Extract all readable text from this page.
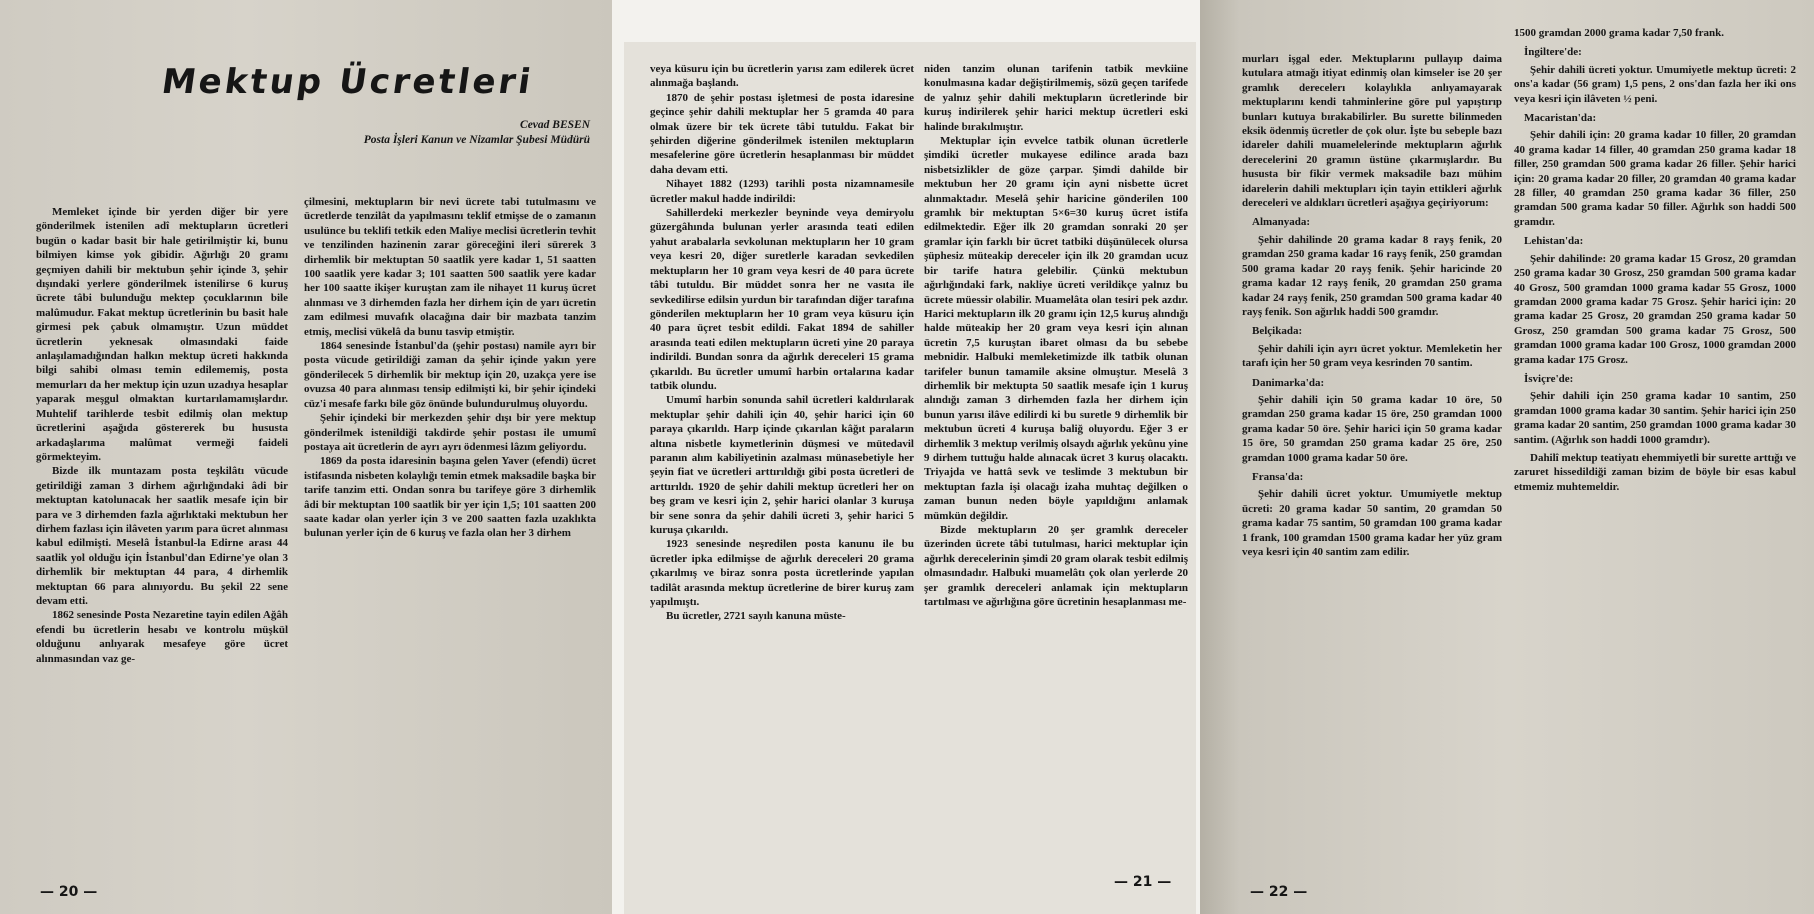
Mektup Ücretleri
Cevad BESEN
Posta İşleri Kanun ve Nizamlar Şubesi Müdürü

Memleket içinde bir yerden diğer bir yere gönderilmek istenilen adî mektupların ücretleri bugün o kadar basit bir hale getirilmiştir ki, bunu bilmiyen kimse yok gibidir. Ağırlığı 20 gramı geçmiyen dahili bir mektubun şehir içinde 3, şehir dışındaki yerlere gönderilmek istenilirse 6 kuruş ücrete tâbi bulunduğu mektep çocuklarının bile malûmudur. Fakat mektup ücretlerinin bu basit hale girmesi pek çabuk olmamıştır. Uzun müddet ücretlerin yeknesak olmasındaki faide anlaşılamadığından halkın mektup ücreti hakkında bilgi sahibi olması temin edilememiş, posta memurları da her mektup için uzun uzadıya hesaplar yaparak meşgul olmaktan kurtarılamamışlardır. Muhtelif tarihlerde tesbit edilmiş olan mektup ücretlerini aşağıda göstererek bu hususta arkadaşlarıma malûmat vermeği faideli görmekteyim.

Bizde ilk muntazam posta teşkilâtı vücude getirildiği zaman 3 dirhem ağırlığındaki âdi bir mektuptan katolunacak her saatlik mesafe için bir para ve 3 dirhemden fazla ağırlıktaki mektubun her dirhem fazlası için ilâveten yarım para ücret alınması kabul edilmişti. Meselâ İstanbul-la Edirne arası 44 saatlik yol olduğu için İstanbul'dan Edirne'ye olan 3 dirhemlik bir mektuptan 44 para, 4 dirhemlik mektuptan 66 para alınıyordu. Bu şekil 22 sene devam etti.

1862 senesinde Posta Nezaretine tayin edilen Ağâh efendi bu ücretlerin hesabı ve kontrolu müşkül olduğunu anlıyarak mesafeye göre ücret alınmasından vaz ge-

çilmesini, mektupların bir nevi ücrete tabi tutulmasını ve ücretlerde tenzilât da yapılmasını teklif etmişse de o zamanın usulünce bu teklifi tetkik eden Maliye meclisi ücretlerin tevhit ve tenzilinden hazinenin zarar göreceğini ileri sürerek 3 dirhemlik bir mektuptan 50 saatlik yere kadar 1, 51 saatten 100 saatlik yere kadar 3; 101 saatten 500 saatlik yere kadar her 100 saatte ikişer kuruştan zam ile nihayet 11 kuruş ücret alınması ve 3 dirhemden fazla her dirhem için de yarı ücretin zam edilmesi muvafık olacağına dair bir mazbata tanzim etmiş, meclisi vükelâ da bunu tasvip etmiştir.

1864 senesinde İstanbul'da (şehir postası) namile ayrı bir posta vücude getirildiği zaman da şehir içinde yakın yere gönderilecek 5 dirhemlik bir mektup için 20, uzakça yere ise ovuzsa 40 para alınması tensip edilmişti ki, bir şehir içindeki cüz'i mesafe farkı bile göz önünde bulundurulmuş oluyordu.

Şehir içindeki bir merkezden şehir dışı bir yere mektup gönderilmek istenildiği takdirde şehir postası ile umumî postaya ait ücretlerin de ayrı ayrı ödenmesi lâzım geliyordu.

1869 da posta idaresinin başına gelen Yaver (efendi) ücret istifasında nisbeten kolaylığı temin etmek maksadile başka bir tarife tanzim etti. Ondan sonra bu tarifeye göre 3 dirhemlik âdi bir mektuptan 100 saatlik bir yer için 1,5; 101 saatten 200 saate kadar olan yerler için 3 ve 200 saatten fazla uzaklıkta bulunan yerler için de 6 kuruş ve fazla olan her 3 dirhem

— 20 —

veya küsuru için bu ücretlerin yarısı zam edilerek ücret alınmağa başlandı.

1870 de şehir postası işletmesi de posta idaresine geçince şehir dahili mektuplar her 5 gramda 40 para olmak üzere bir tek ücrete tâbi tutuldu. Fakat bir şehirden diğerine gönderilmek istenilen mektupların mesafelerine göre ücretlerin hesaplanması bir müddet daha devam etti.

Nihayet 1882 (1293) tarihli posta nizamnamesile ücretler makul hadde indirildi:

Sahillerdeki merkezler beyninde veya demiryolu güzergâhında bulunan yerler arasında teati edilen yahut arabalarla sevkolunan mektupların her 10 gram veya kesri 20, diğer suretlerle karadan sevkedilen mektupların her 10 gram veya kesri de 40 para ücrete tâbi tutuldu. Bir müddet sonra her ne vasıta ile sevkedilirse edilsin yurdun bir tarafından diğer tarafına gönderilen mektupların her 10 gram veya küsuru için 40 para üçret tesbit edildi. Fakat 1894 de sahiller arasında teati edilen mektupların ücreti yine 20 paraya indirildi. Bundan sonra da ağırlık dereceleri 15 grama çıkarıldı. Bu ücretler umumî harbin ortalarına kadar tatbik olundu.

Umumî harbin sonunda sahil ücretleri kaldırılarak mektuplar şehir dahili için 40, şehir harici için 60 paraya çıkarıldı. Harp içinde çıkarılan kâğıt paraların altına nisbetle kıymetlerinin düşmesi ve mütedavil paranın alım kabiliyetinin azalması münasebetiyle her şeyin fiat ve ücretleri arttırıldığı gibi posta ücretleri de arttırıldı. 1920 de şehir dahili mektup ücretleri her on beş gram ve kesri için 2, şehir harici olanlar 3 kuruşa bir sene sonra da şehir dahili ücreti 3, şehir harici 5 kuruşa çıkarıldı.

1923 senesinde neşredilen posta kanunu ile bu ücretler ipka edilmişse de ağırlık dereceleri 20 grama çıkarılmış ve biraz sonra posta ücretlerinde yapılan tadilât arasında mektup ücretlerine de birer kuruş zam yapılmıştı.

Bu ücretler, 2721 sayılı kanuna müste-

niden tanzim olunan tarifenin tatbik mevkiine konulmasına kadar değiştirilmemiş, sözü geçen tarifede de yalnız şehir dahili mektupların ücretlerinde bir kuruş indirilerek şehir harici mektup ücretleri eski halinde bırakılmıştır.

Mektuplar için evvelce tatbik olunan ücretlerle şimdiki ücretler mukayese edilince arada bazı nisbetsizlikler de göze çarpar. Şimdi dahilde bir mektubun her 20 gramı için ayni nisbette ücret alınmaktadır. Meselâ şehir haricine gönderilen 100 gramlık bir mektuptan 5×6=30 kuruş ücret istifa edilmektedir. Eğer ilk 20 gramdan sonraki 20 şer gramlar için farklı bir ücret tatbiki düşünülecek olursa şüphesiz müteakip dereceler için ilk 20 gramdan ucuz bir tarife hatıra gelebilir. Çünkü mektubun ağırlığındaki fark, nakliye ücreti verildikçe yalnız bu ücrete müessir olabilir. Muamelâta olan tesiri pek azdır. Harici mektupların ilk 20 gramı için 12,5 kuruş alındığı halde müteakip her 20 gram veya kesri için alınan ücretin 7,5 kuruştan ibaret olması da bu sebebe mebnidir. Halbuki memleketimizde ilk tatbik olunan tarifeler bunun tamamile aksine olmuştur. Meselâ 3 dirhemlik bir mektupta 50 saatlik mesafe için 1 kuruş alındığı zaman 3 dirhemden fazla her dirhem için bunun yarısı ilâve edilirdi ki bu suretle 9 dirhemlik bir mektubun ücreti 4 kuruşa baliğ oluyordu. Eğer 3 er dirhemlik 3 mektup verilmiş olsaydı ağırlık yekûnu yine 9 dirhem tuttuğu halde alınacak ücret 3 kuruş olacaktı. Triyajda ve hattâ sevk ve teslimde 3 mektubun bir mektuptan fazla işi olacağı izaha muhtaç değilken o zaman bunun neden böyle yapıldığını anlamak mümkün değildir.

Bizde mektupların 20 şer gramlık dereceler üzerinden ücrete tâbi tutulması, harici mektuplar için ağırlık derecelerinin şimdi 20 gram olarak tesbit edilmiş olmasındadır. Halbuki muamelâtı çok olan yerlerde 20 şer gramlık dereceleri anlamak için mektupların tartılması ve ağırlığına göre ücretinin hesaplanması me-

— 21 —

murları işgal eder. Mektuplarını pullayıp daima kutulara atmağı itiyat edinmiş olan kimseler ise 20 şer gramlık derecelerı kolaylıkla anlıyamayarak mektuplarını kendi tahminlerine göre pul yapıştırıp bunları kutuya bırakabilirler. Bu surette bilinmeden eksik ödenmiş ücretler de çok olur. İşte bu sebeple bazı idareler dahili muamelelerinde mektupların ağırlık derecelerini 20 gramın üstüne çıkarmışlardır. Bu hususta bir fikir vermek maksadile bazı mühim idarelerin dahili mektupları için tayin ettikleri ağırlık dereceleri ve aldıkları ücretleri aşağıya geçiriyorum:

Almanyada:

Şehir dahilinde 20 grama kadar 8 rayş fenik, 20 gramdan 250 grama kadar 16 rayş fenik, 250 gramdan 500 grama kadar 20 rayş fenik. Şehir haricinde 20 grama kadar 12 rayş fenik, 20 gramdan 250 grama kadar 24 rayş fenik, 250 gramdan 500 grama kadar 40 rayş fenik. Son ağırlık haddi 500 gramdır.

Belçikada:

Şehir dahili için ayrı ücret yoktur. Memleketin her tarafı için her 50 gram veya kesrinden 70 santim.

Danimarka'da:

Şehir dahili için 50 grama kadar 10 öre, 50 gramdan 250 grama kadar 15 öre, 250 gramdan 1000 grama kadar 50 öre. Şehir harici için 50 grama kadar 15 öre, 50 gramdan 250 grama kadar 25 öre, 250 gramdan 1000 grama kadar 50 öre.

Fransa'da:

Şehir dahili ücret yoktur. Umumiyetle mektup ücreti: 20 grama kadar 50 santim, 20 gramdan 50 grama kadar 75 santim, 50 gramdan 100 grama kadar 1 frank, 100 gramdan 1500 grama kadar her yüz gram veya kesri için 40 santim zam edilir.

1500 gramdan 2000 grama kadar 7,50 frank.

İngiltere'de:

Şehir dahili ücreti yoktur. Umumiyetle mektup ücreti: 2 ons'a kadar (56 gram) 1,5 pens, 2 ons'dan fazla her iki ons veya kesri için ilâveten ½ peni.

Macaristan'da:

Şehir dahili için: 20 grama kadar 10 filler, 20 gramdan 40 grama kadar 14 filler, 40 gramdan 250 grama kadar 18 filler, 250 gramdan 500 grama kadar 26 filler. Şehir harici için: 20 grama kadar 20 filler, 20 gramdan 40 grama kadar 28 filler, 40 gramdan 250 grama kadar 36 filler, 250 gramdan 500 grama kadar 50 filler. Ağırlık son haddi 500 gramdır.

Lehistan'da:

Şehir dahilinde: 20 grama kadar 15 Grosz, 20 gramdan 250 grama kadar 30 Grosz, 250 gramdan 500 grama kadar 40 Grosz, 500 gramdan 1000 grama kadar 55 Grosz, 1000 gramdan 2000 grama kadar 75 Grosz. Şehir harici için: 20 grama kadar 25 Grosz, 20 gramdan 250 grama kadar 50 Grosz, 250 gramdan 500 grama kadar 75 Grosz, 500 gramdan 1000 grama kadar 100 Grosz, 1000 gramdan 2000 grama kadar 175 Grosz.

İsviçre'de:

Şehir dahili için 250 grama kadar 10 santim, 250 gramdan 1000 grama kadar 30 santim. Şehir harici için 250 grama kadar 20 santim, 250 gramdan 1000 grama kadar 30 santim. (Ağırlık son haddi 1000 gramdır).

Dahilî mektup teatiyatı ehemmiyetli bir surette arttığı ve zaruret hissedildiği zaman bizim de böyle bir esas kabul etmemiz muhtemeldir.

— 22 —
